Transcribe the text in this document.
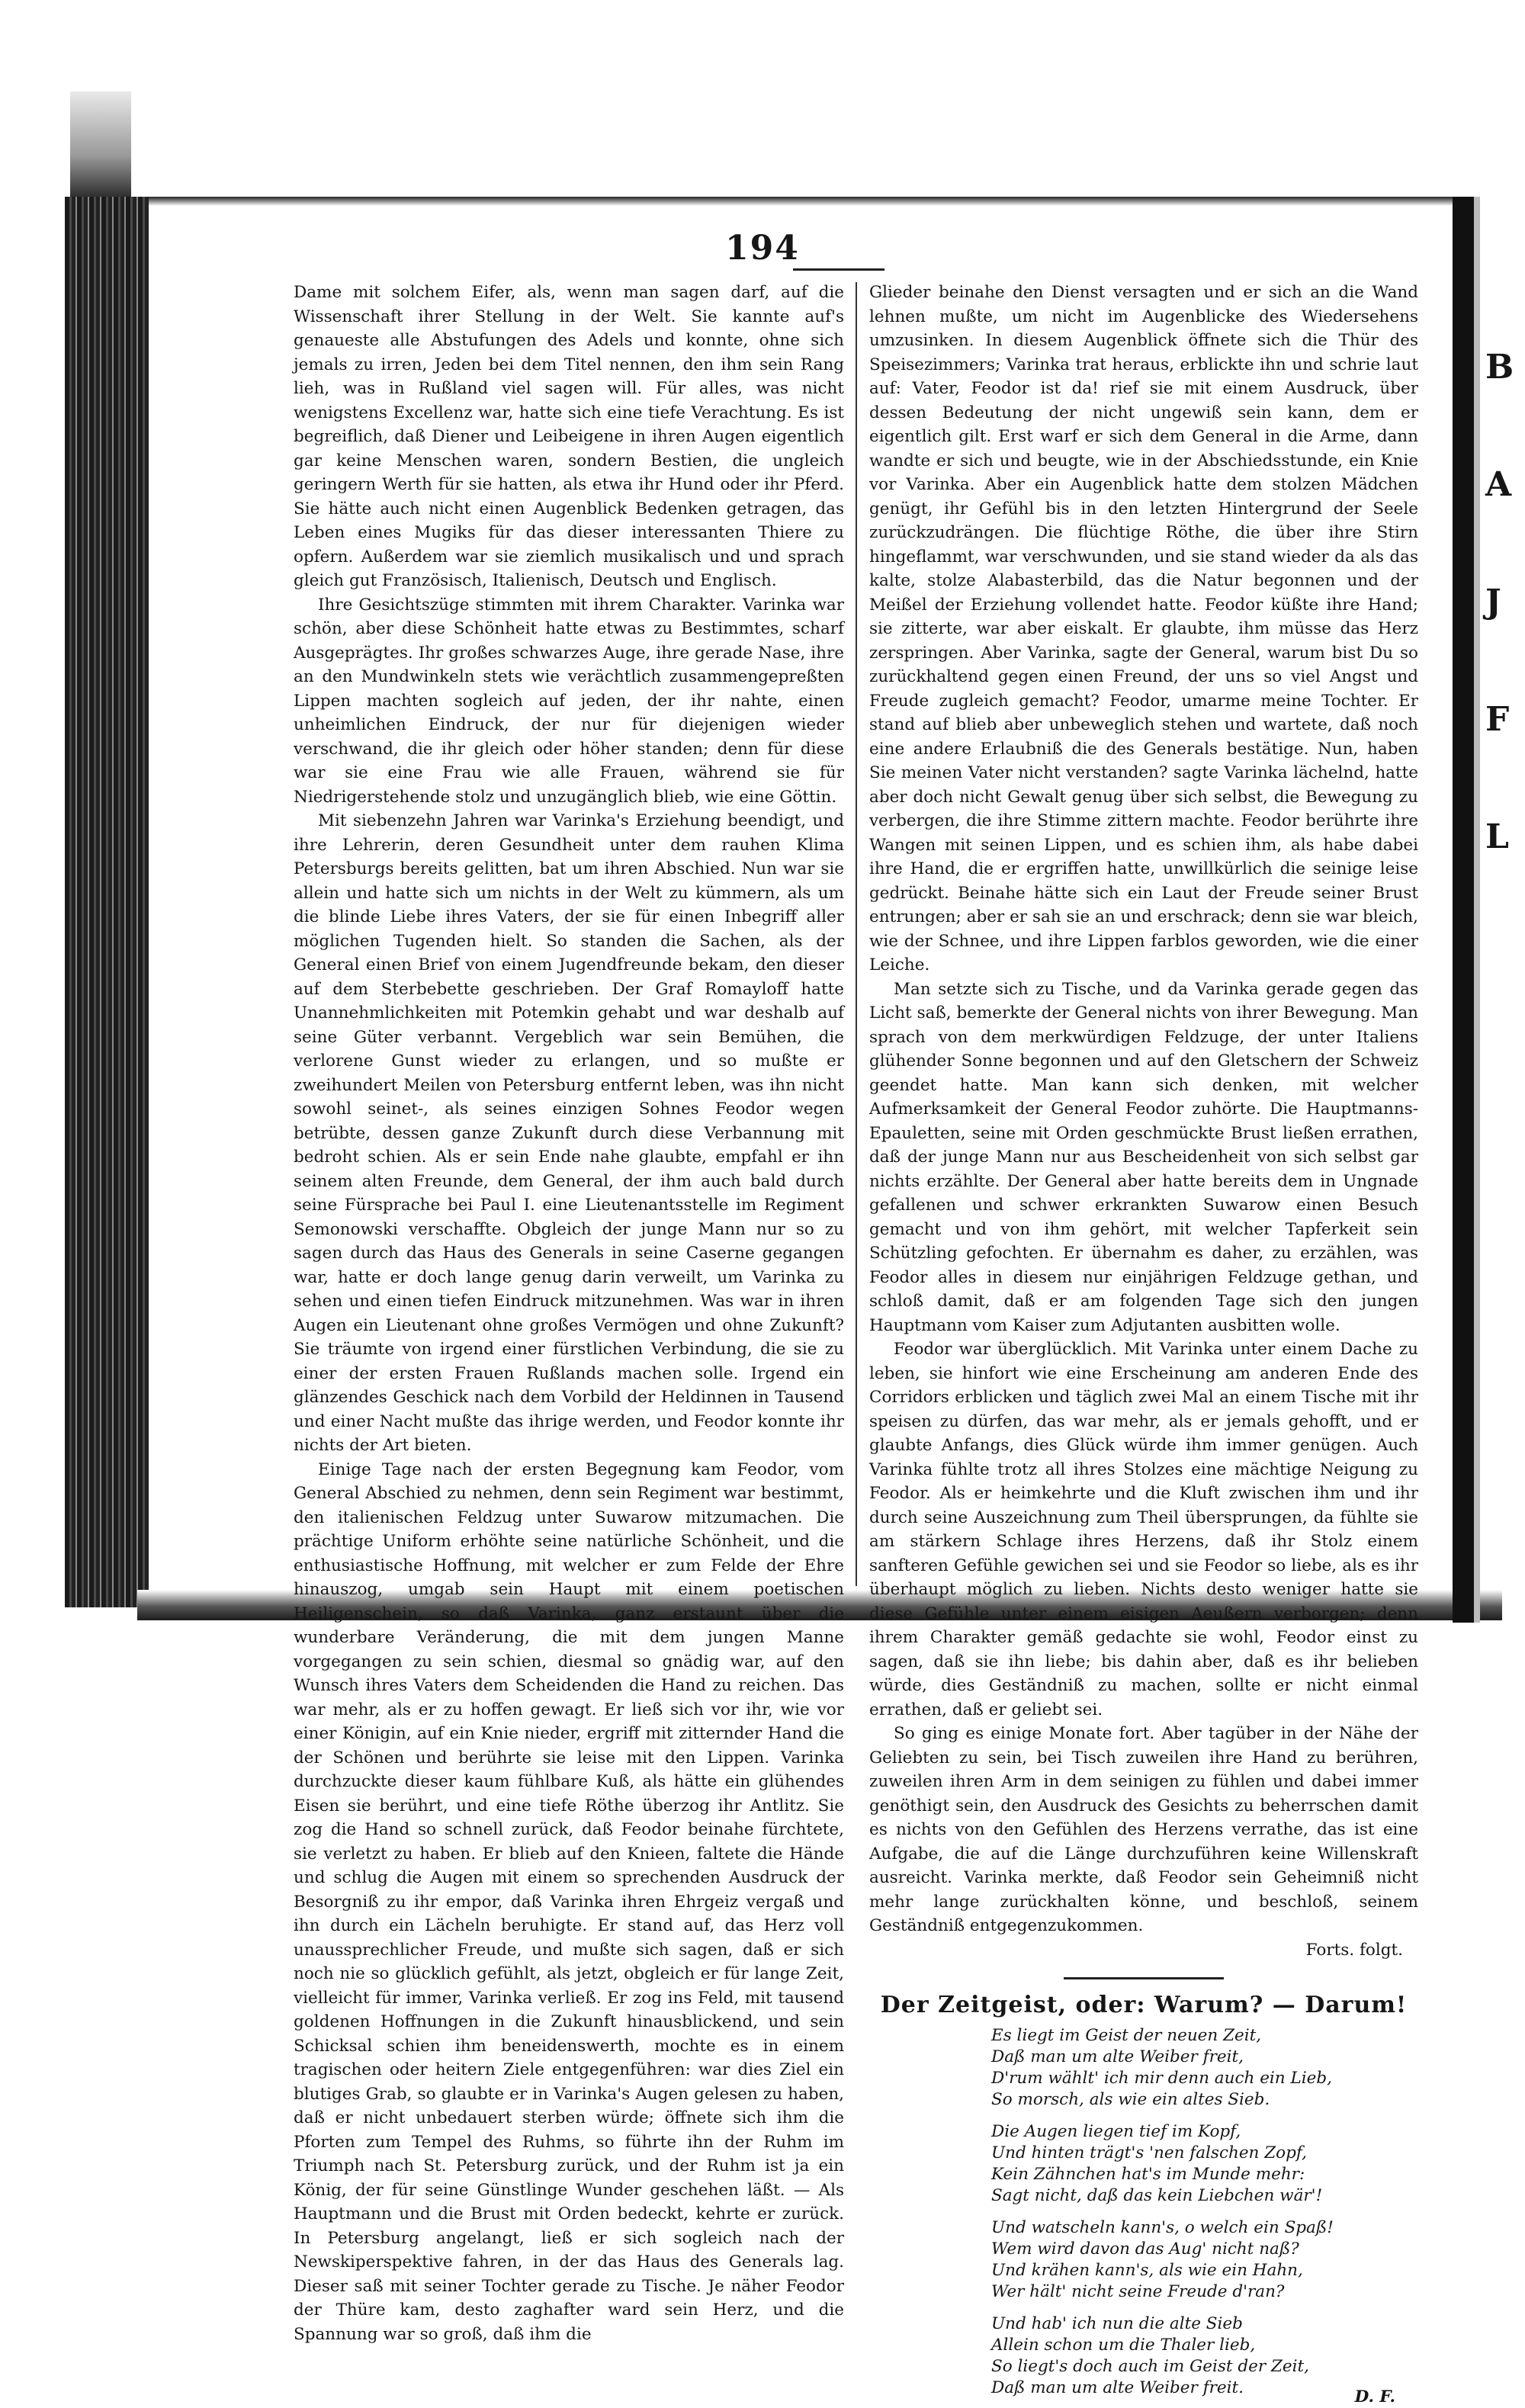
B
A
J
F
L
194

Dame mit solchem Eifer, als, wenn man sagen darf, auf die Wissenschaft ihrer Stellung in der Welt. Sie kannte auf's genaueste alle Abstufungen des Adels und konnte, ohne sich jemals zu irren, Jeden bei dem Titel nennen, den ihm sein Rang lieh, was in Rußland viel sagen will. Für alles, was nicht wenigstens Excellenz war, hatte sich eine tiefe Verachtung. Es ist begreiflich, daß Diener und Leibeigene in ihren Augen eigentlich gar keine Menschen waren, sondern Bestien, die ungleich geringern Werth für sie hatten, als etwa ihr Hund oder ihr Pferd. Sie hätte auch nicht einen Augenblick Bedenken getragen, das Leben eines Mugiks für das dieser interessanten Thiere zu opfern. Außerdem war sie ziemlich musikalisch und und sprach gleich gut Französisch, Italienisch, Deutsch und Englisch.

Ihre Gesichtszüge stimmten mit ihrem Charakter. Varinka war schön, aber diese Schönheit hatte etwas zu Bestimmtes, scharf Ausgeprägtes. Ihr großes schwarzes Auge, ihre gerade Nase, ihre an den Mundwinkeln stets wie verächtlich zusammengepreßten Lippen machten sogleich auf jeden, der ihr nahte, einen unheimlichen Eindruck, der nur für diejenigen wieder verschwand, die ihr gleich oder höher standen; denn für diese war sie eine Frau wie alle Frauen, während sie für Niedrigerstehende stolz und unzugänglich blieb, wie eine Göttin.

Mit siebenzehn Jahren war Varinka's Erziehung beendigt, und ihre Lehrerin, deren Gesundheit unter dem rauhen Klima Petersburgs bereits gelitten, bat um ihren Abschied. Nun war sie allein und hatte sich um nichts in der Welt zu kümmern, als um die blinde Liebe ihres Vaters, der sie für einen Inbegriff aller möglichen Tugenden hielt. So standen die Sachen, als der General einen Brief von einem Jugendfreunde bekam, den dieser auf dem Sterbebette geschrieben. Der Graf Romayloff hatte Unannehmlichkeiten mit Potemkin gehabt und war deshalb auf seine Güter verbannt. Vergeblich war sein Bemühen, die verlorene Gunst wieder zu erlangen, und so mußte er zweihundert Meilen von Petersburg entfernt leben, was ihn nicht sowohl seinet-, als seines einzigen Sohnes Feodor wegen betrübte, dessen ganze Zukunft durch diese Verbannung mit bedroht schien. Als er sein Ende nahe glaubte, empfahl er ihn seinem alten Freunde, dem General, der ihm auch bald durch seine Fürsprache bei Paul I. eine Lieutenantsstelle im Regiment Semonowski verschaffte. Obgleich der junge Mann nur so zu sagen durch das Haus des Generals in seine Caserne gegangen war, hatte er doch lange genug darin verweilt, um Varinka zu sehen und einen tiefen Eindruck mitzunehmen. Was war in ihren Augen ein Lieutenant ohne großes Vermögen und ohne Zukunft? Sie träumte von irgend einer fürstlichen Verbindung, die sie zu einer der ersten Frauen Rußlands machen solle. Irgend ein glänzendes Geschick nach dem Vorbild der Heldinnen in Tausend und einer Nacht mußte das ihrige werden, und Feodor konnte ihr nichts der Art bieten.

Einige Tage nach der ersten Begegnung kam Feodor, vom General Abschied zu nehmen, denn sein Regiment war bestimmt, den italienischen Feldzug unter Suwarow mitzumachen. Die prächtige Uniform erhöhte seine natürliche Schönheit, und die enthusiastische Hoffnung, mit welcher er zum Felde der Ehre hinauszog, umgab sein Haupt mit einem poetischen Heiligenschein, so daß Varinka, ganz erstaunt über die wunderbare Veränderung, die mit dem jungen Manne vorgegangen zu sein schien, diesmal so gnädig war, auf den Wunsch ihres Vaters dem Scheidenden die Hand zu reichen. Das war mehr, als er zu hoffen gewagt. Er ließ sich vor ihr, wie vor einer Königin, auf ein Knie nieder, ergriff mit zitternder Hand die der Schönen und berührte sie leise mit den Lippen. Varinka durchzuckte dieser kaum fühlbare Kuß, als hätte ein glühendes Eisen sie berührt, und eine tiefe Röthe überzog ihr Antlitz. Sie zog die Hand so schnell zurück, daß Feodor beinahe fürchtete, sie verletzt zu haben. Er blieb auf den Knieen, faltete die Hände und schlug die Augen mit einem so sprechenden Ausdruck der Besorgniß zu ihr empor, daß Varinka ihren Ehrgeiz vergaß und ihn durch ein Lächeln beruhigte. Er stand auf, das Herz voll unaussprechlicher Freude, und mußte sich sagen, daß er sich noch nie so glücklich gefühlt, als jetzt, obgleich er für lange Zeit, vielleicht für immer, Varinka verließ. Er zog ins Feld, mit tausend goldenen Hoffnungen in die Zukunft hinausblickend, und sein Schicksal schien ihm beneidenswerth, mochte es in einem tragischen oder heitern Ziele entgegenführen: war dies Ziel ein blutiges Grab, so glaubte er in Varinka's Augen gelesen zu haben, daß er nicht unbedauert sterben würde; öffnete sich ihm die Pforten zum Tempel des Ruhms, so führte ihn der Ruhm im Triumph nach St. Petersburg zurück, und der Ruhm ist ja ein König, der für seine Günstlinge Wunder geschehen läßt. — Als Hauptmann und die Brust mit Orden bedeckt, kehrte er zurück. In Petersburg angelangt, ließ er sich sogleich nach der Newskiperspektive fahren, in der das Haus des Generals lag. Dieser saß mit seiner Tochter gerade zu Tische. Je näher Feodor der Thüre kam, desto zaghafter ward sein Herz, und die Spannung war so groß, daß ihm die

Glieder beinahe den Dienst versagten und er sich an die Wand lehnen mußte, um nicht im Augenblicke des Wiedersehens umzusinken. In diesem Augenblick öffnete sich die Thür des Speisezimmers; Varinka trat heraus, erblickte ihn und schrie laut auf: Vater, Feodor ist da! rief sie mit einem Ausdruck, über dessen Bedeutung der nicht ungewiß sein kann, dem er eigentlich gilt. Erst warf er sich dem General in die Arme, dann wandte er sich und beugte, wie in der Abschiedsstunde, ein Knie vor Varinka. Aber ein Augenblick hatte dem stolzen Mädchen genügt, ihr Gefühl bis in den letzten Hintergrund der Seele zurückzudrängen. Die flüchtige Röthe, die über ihre Stirn hingeflammt, war verschwunden, und sie stand wieder da als das kalte, stolze Alabasterbild, das die Natur begonnen und der Meißel der Erziehung vollendet hatte. Feodor küßte ihre Hand; sie zitterte, war aber eiskalt. Er glaubte, ihm müsse das Herz zerspringen. Aber Varinka, sagte der General, warum bist Du so zurückhaltend gegen einen Freund, der uns so viel Angst und Freude zugleich gemacht? Feodor, umarme meine Tochter. Er stand auf blieb aber unbeweglich stehen und wartete, daß noch eine andere Erlaubniß die des Generals bestätige. Nun, haben Sie meinen Vater nicht verstanden? sagte Varinka lächelnd, hatte aber doch nicht Gewalt genug über sich selbst, die Bewegung zu verbergen, die ihre Stimme zittern machte. Feodor berührte ihre Wangen mit seinen Lippen, und es schien ihm, als habe dabei ihre Hand, die er ergriffen hatte, unwillkürlich die seinige leise gedrückt. Beinahe hätte sich ein Laut der Freude seiner Brust entrungen; aber er sah sie an und erschrack; denn sie war bleich, wie der Schnee, und ihre Lippen farblos geworden, wie die einer Leiche.

Man setzte sich zu Tische, und da Varinka gerade gegen das Licht saß, bemerkte der General nichts von ihrer Bewegung. Man sprach von dem merkwürdigen Feldzuge, der unter Italiens glühender Sonne begonnen und auf den Gletschern der Schweiz geendet hatte. Man kann sich denken, mit welcher Aufmerksamkeit der General Feodor zuhörte. Die Hauptmanns-Epauletten, seine mit Orden geschmückte Brust ließen errathen, daß der junge Mann nur aus Bescheidenheit von sich selbst gar nichts erzählte. Der General aber hatte bereits dem in Ungnade gefallenen und schwer erkrankten Suwarow einen Besuch gemacht und von ihm gehört, mit welcher Tapferkeit sein Schützling gefochten. Er übernahm es daher, zu erzählen, was Feodor alles in diesem nur einjährigen Feldzuge gethan, und schloß damit, daß er am folgenden Tage sich den jungen Hauptmann vom Kaiser zum Adjutanten ausbitten wolle.

Feodor war überglücklich. Mit Varinka unter einem Dache zu leben, sie hinfort wie eine Erscheinung am anderen Ende des Corridors erblicken und täglich zwei Mal an einem Tische mit ihr speisen zu dürfen, das war mehr, als er jemals gehofft, und er glaubte Anfangs, dies Glück würde ihm immer genügen. Auch Varinka fühlte trotz all ihres Stolzes eine mächtige Neigung zu Feodor. Als er heimkehrte und die Kluft zwischen ihm und ihr durch seine Auszeichnung zum Theil übersprungen, da fühlte sie am stärkern Schlage ihres Herzens, daß ihr Stolz einem sanfteren Gefühle gewichen sei und sie Feodor so liebe, als es ihr überhaupt möglich zu lieben. Nichts desto weniger hatte sie diese Gefühle unter einem eisigen Aeußern verborgen; denn ihrem Charakter gemäß gedachte sie wohl, Feodor einst zu sagen, daß sie ihn liebe; bis dahin aber, daß es ihr belieben würde, dies Geständniß zu machen, sollte er nicht einmal errathen, daß er geliebt sei.

So ging es einige Monate fort. Aber tagüber in der Nähe der Geliebten zu sein, bei Tisch zuweilen ihre Hand zu berühren, zuweilen ihren Arm in dem seinigen zu fühlen und dabei immer genöthigt sein, den Ausdruck des Gesichts zu beherrschen damit es nichts von den Gefühlen des Herzens verrathe, das ist eine Aufgabe, die auf die Länge durchzuführen keine Willenskraft ausreicht. Varinka merkte, daß Feodor sein Geheimniß nicht mehr lange zurückhalten könne, und beschloß, seinem Geständniß entgegenzukommen.

Forts. folgt.

Der Zeitgeist, oder: Warum? — Darum!

Es liegt im Geist der neuen Zeit,
Daß man um alte Weiber freit,
D'rum wählt' ich mir denn auch ein Lieb,
So morsch, als wie ein altes Sieb.
Die Augen liegen tief im Kopf,
Und hinten trägt's 'nen falschen Zopf,
Kein Zähnchen hat's im Munde mehr:
Sagt nicht, daß das kein Liebchen wär'!
Und watscheln kann's, o welch ein Spaß!
Wem wird davon das Aug' nicht naß?
Und krähen kann's, als wie ein Hahn,
Wer hält' nicht seine Freude d'ran?
Und hab' ich nun die alte Sieb
Allein schon um die Thaler lieb,
So liegt's doch auch im Geist der Zeit,
Daß man um alte Weiber freit.	D. F.
